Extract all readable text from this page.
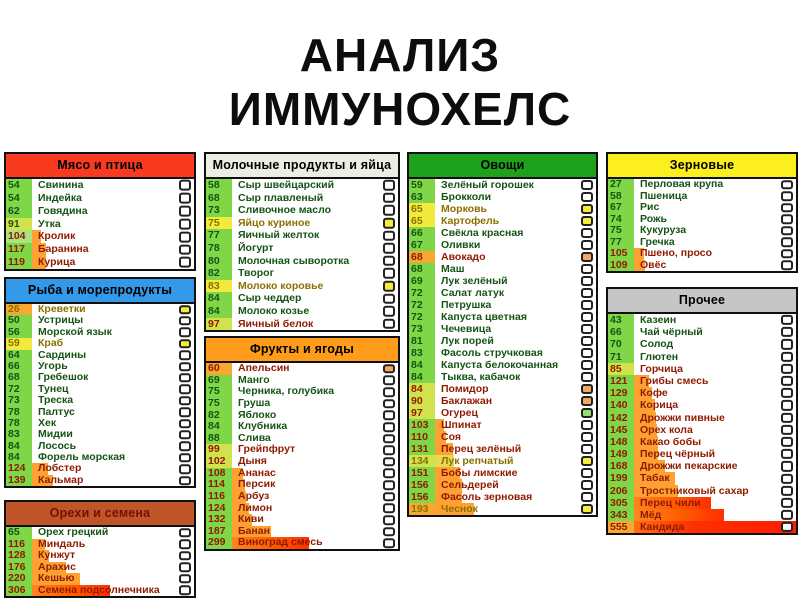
АНАЛИЗ
ИММУНОХЕЛС
Мясо и птица
54 Свинина
54 Индейка
62 Говядина
91 Утка
104 Кролик
117 Баранина
119 Курица
Молочные продукты и яйца
58 Сыр швейцарский
68 Сыр плавленый
73 Сливочное масло
75 Яйцо куриное
77 Яичный желток
78 Йогурт
80 Молочная сыворотка
82 Творог
83 Молоко коровье
84 Сыр чеддер
84 Молоко козье
97 Яичный белок
Овощи
59 Зелёный горошек
63 Брокколи
65 Морковь
65 Картофель
66 Свёкла красная
67 Оливки
68 Авокадо
68 Маш
69 Лук зелёный
72 Салат латук
72 Петрушка
72 Капуста цветная
73 Чечевица
81 Лук порей
83 Фасоль стручковая
84 Капуста белокочанная
84 Тыква, кабачок
84 Помидор
90 Баклажан
97 Огурец
103 Шпинат
110 Соя
131 Перец зелёный
134 Лук репчатый
151 Бобы лимские
156 Сельдерей
156 Фасоль зерновая
193 Чеснок
Зерновые
27 Перловая крупа
58 Пшеница
67 Рис
74 Рожь
75 Кукуруза
77 Гречка
105 Пшено, просо
109 Овёс
Рыба и морепродукты
26 Креветки
50 Устрицы
56 Морской язык
59 Краб
64 Сардины
66 Угорь
68 Гребешок
72 Тунец
73 Треска
78 Палтус
78 Хек
83 Мидии
84 Лосось
84 Форель морская
124 Лобстер
139 Кальмар
Фрукты и ягоды
60 Апельсин
69 Манго
75 Черника, голубика
75 Груша
82 Яблоко
84 Клубника
88 Слива
99 Грейпфрут
102 Дыня
108 Ананас
114 Персик
116 Арбуз
124 Лимон
132 Киви
187 Банан
299 Виноград смесь
Орехи и семена
65 Орех грецкий
116 Миндаль
128 Кунжут
176 Арахис
220 Кешью
306 Семена подсолнечника
Прочее
43 Казеин
66 Чай чёрный
70 Солод
71 Глютен
85 Горчица
121 Грибы смесь
129 Кофе
140 Корица
142 Дрожжи пивные
145 Орех кола
148 Какао бобы
149 Перец чёрный
168 Дрожжи пекарские
199 Табак
206 Тростниковый сахар
305 Перец чили
343 Мёд
555 Кандида
